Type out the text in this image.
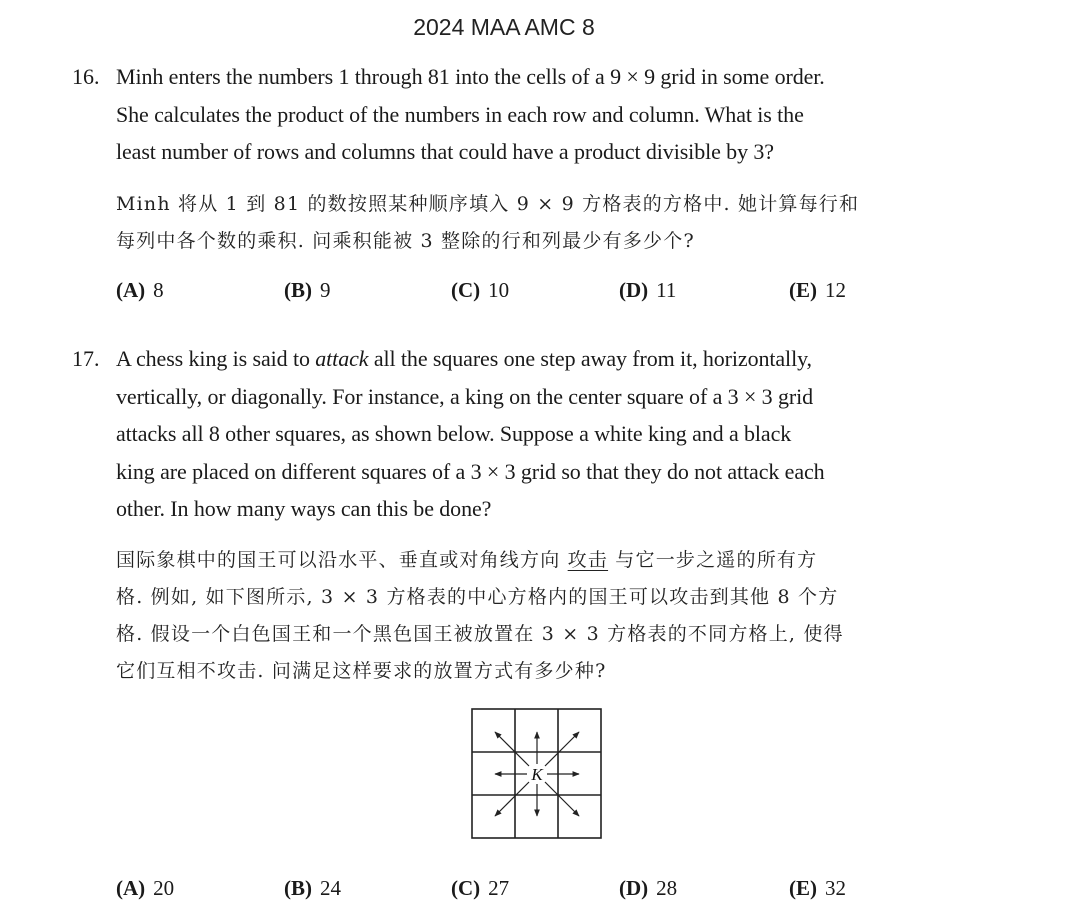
2024 MAA AMC 8
16. Minh enters the numbers 1 through 81 into the cells of a 9 × 9 grid in some order.

She calculates the product of the numbers in each row and column. What is the

least number of rows and columns that could have a product divisible by 3?

Minh 将从 1 到 81 的数按照某种顺序填入 9 × 9 方格表的方格中. 她计算每行和

每列中各个数的乘积. 问乘积能被 3 整除的行和列最少有多少个?

(A) 8	(B) 9	(C) 10	(D) 11	(E) 12
17. A chess king is said to attack all the squares one step away from it, horizontally,

vertically, or diagonally. For instance, a king on the center square of a 3 × 3 grid

attacks all 8 other squares, as shown below. Suppose a white king and a black

king are placed on different squares of a 3 × 3 grid so that they do not attack each

other. In how many ways can this be done?

国际象棋中的国王可以沿水平、垂直或对角线方向 攻击 与它一步之遥的所有方

格. 例如, 如下图所示, 3 × 3 方格表的中心方格内的国王可以攻击到其他 8 个方

格. 假设一个白色国王和一个黑色国王被放置在 3 × 3 方格表的不同方格上, 使得

它们互相不攻击. 问满足这样要求的放置方式有多少种?

(A) 20	(B) 24	(C) 27	(D) 28	(E) 32
K
